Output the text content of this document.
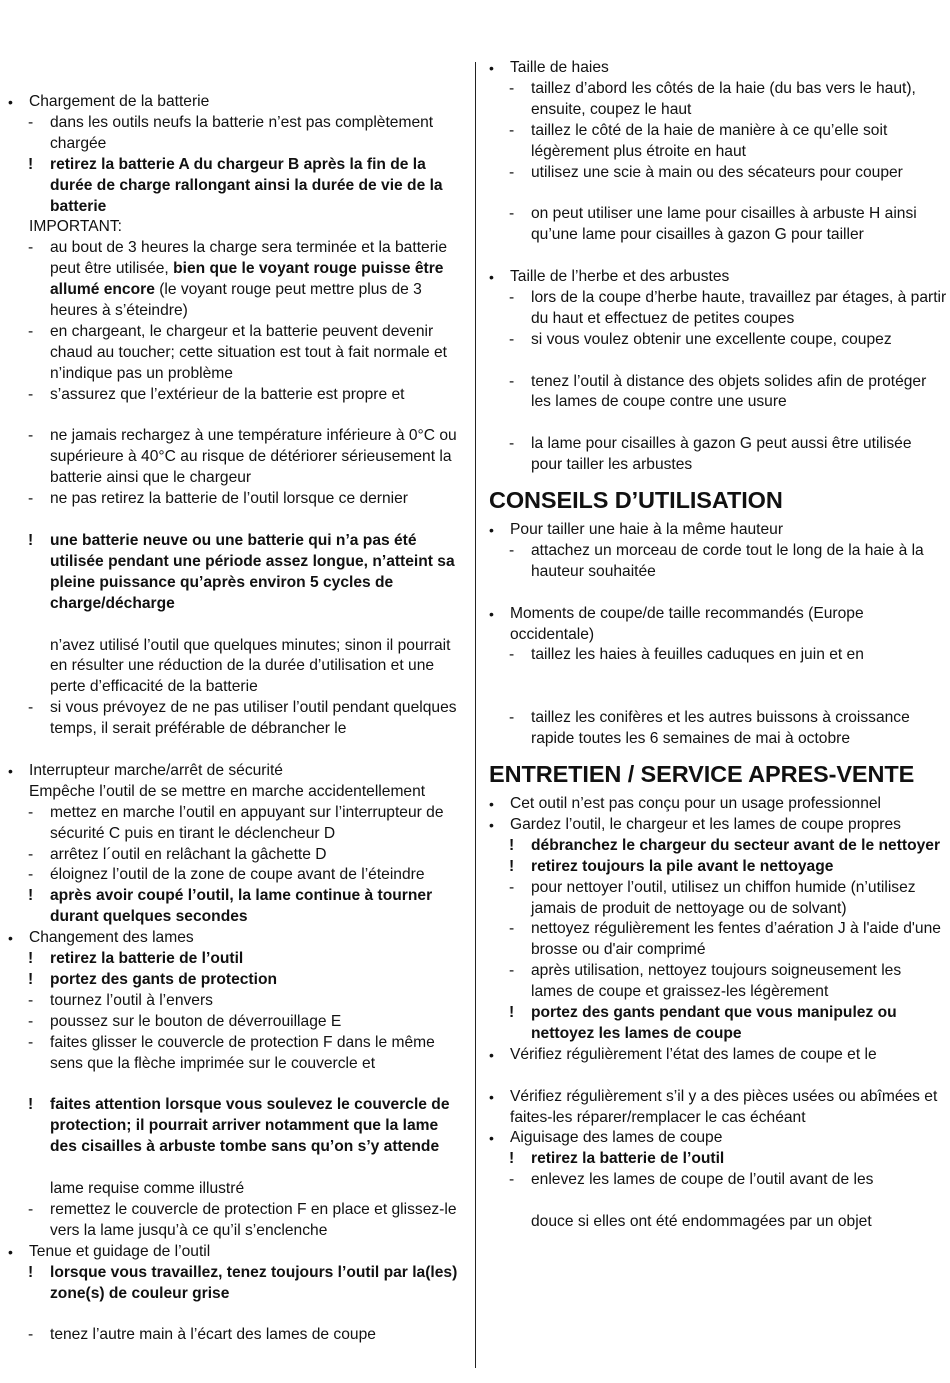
• Chargement de la batterie
- dans les outils neufs la batterie n’est pas complètement chargée
! retirez la batterie A du chargeur B après la fin de la durée de charge rallongant ainsi la durée de vie de la batterie
IMPORTANT:
- au bout de 3 heures la charge sera terminée et la batterie peut être utilisée, bien que le voyant rouge puisse être allumé encore (le voyant rouge peut mettre plus de 3 heures à s’éteindre)
- en chargeant, le chargeur et la batterie peuvent devenir chaud au toucher; cette situation est tout à fait normale et n’indique pas un problème
- s’assurez que l’extérieur de la batterie est propre et
- ne jamais rechargez à une température inférieure à 0°C ou supérieure à 40°C au risque de détériorer sérieusement la batterie ainsi que le chargeur
- ne pas retirez la batterie de l’outil lorsque ce dernier
! une batterie neuve ou une batterie qui n’a pas été utilisée pendant une période assez longue, n’atteint sa pleine puissance qu’après environ 5 cycles de charge/décharge
n’avez utilisé l’outil que quelques minutes; sinon il pourrait en résulter une réduction de la durée d’utilisation et une perte d’efficacité de la batterie
- si vous prévoyez de ne pas utiliser l’outil pendant quelques temps, il serait préférable de débrancher le
• Interrupteur marche/arrêt de sécurité
Empêche l’outil de se mettre en marche accidentellement
- mettez en marche l’outil en appuyant sur l’interrupteur de sécurité C puis en tirant le déclencheur D
- arrêtez l´outil en relâchant la gâchette D
- éloignez l’outil de la zone de coupe avant de l’éteindre
! après avoir coupé l’outil, la lame continue à tourner durant quelques secondes
• Changement des lames
! retirez la batterie de l’outil
! portez des gants de protection
- tournez l’outil à l’envers
- poussez sur le bouton de déverrouillage E
- faites glisser le couvercle de protection F dans le même sens que la flèche imprimée sur le couvercle et
! faites attention lorsque vous soulevez le couvercle de protection; il pourrait arriver notamment que la lame des cisailles à arbuste tombe sans qu’on s’y attende
lame requise comme illustré
- remettez le couvercle de protection F en place et glissez-le vers la lame jusqu’à ce qu’il s’enclenche
• Tenue et guidage de l’outil
! lorsque vous travaillez, tenez toujours l’outil par la(les) zone(s) de couleur grise
- tenez l’autre main à l’écart des lames de coupe
• Taille de haies
- taillez d’abord les côtés de la haie (du bas vers le haut), ensuite, coupez le haut
- taillez le côté de la haie de manière à ce qu’elle soit légèrement plus étroite en haut
- utilisez une scie à main ou des sécateurs pour couper
- on peut utiliser une lame pour cisailles à arbuste H ainsi qu’une lame pour cisailles à gazon G pour tailler
• Taille de l’herbe et des arbustes
- lors de la coupe d’herbe haute, travaillez par étages, à partir du haut et effectuez de petites coupes
- si vous voulez obtenir une excellente coupe, coupez
- tenez l’outil à distance des objets solides afin de protéger les lames de coupe contre une usure
- la lame pour cisailles à gazon G peut aussi être utilisée pour tailler les arbustes
CONSEILS D’UTILISATION
• Pour tailler une haie à la même hauteur
- attachez un morceau de corde tout le long de la haie à la hauteur souhaitée
• Moments de coupe/de taille recommandés (Europe occidentale)
- taillez les haies à feuilles caduques en juin et en
- taillez les conifères et les autres buissons à croissance rapide toutes les 6 semaines de mai à octobre
ENTRETIEN / SERVICE APRES-VENTE
• Cet outil n’est pas conçu pour un usage professionnel
• Gardez l’outil, le chargeur et les lames de coupe propres
! débranchez le chargeur du secteur avant de le nettoyer
! retirez toujours la pile avant le nettoyage
- pour nettoyer l’outil, utilisez un chiffon humide (n’utilisez jamais de produit de nettoyage ou de solvant)
- nettoyez régulièrement les fentes d’aération J à l'aide d'une brosse ou d'air comprimé
- après utilisation, nettoyez toujours soigneusement les lames de coupe et graissez-les légèrement
! portez des gants pendant que vous manipulez ou nettoyez les lames de coupe
• Vérifiez régulièrement l’état des lames de coupe et le
• Vérifiez régulièrement s’il y a des pièces usées ou abîmées et faites-les réparer/remplacer le cas échéant
• Aiguisage des lames de coupe
! retirez la batterie de l’outil
- enlevez les lames de coupe de l’outil avant de les
douce si elles ont été endommagées par un objet
